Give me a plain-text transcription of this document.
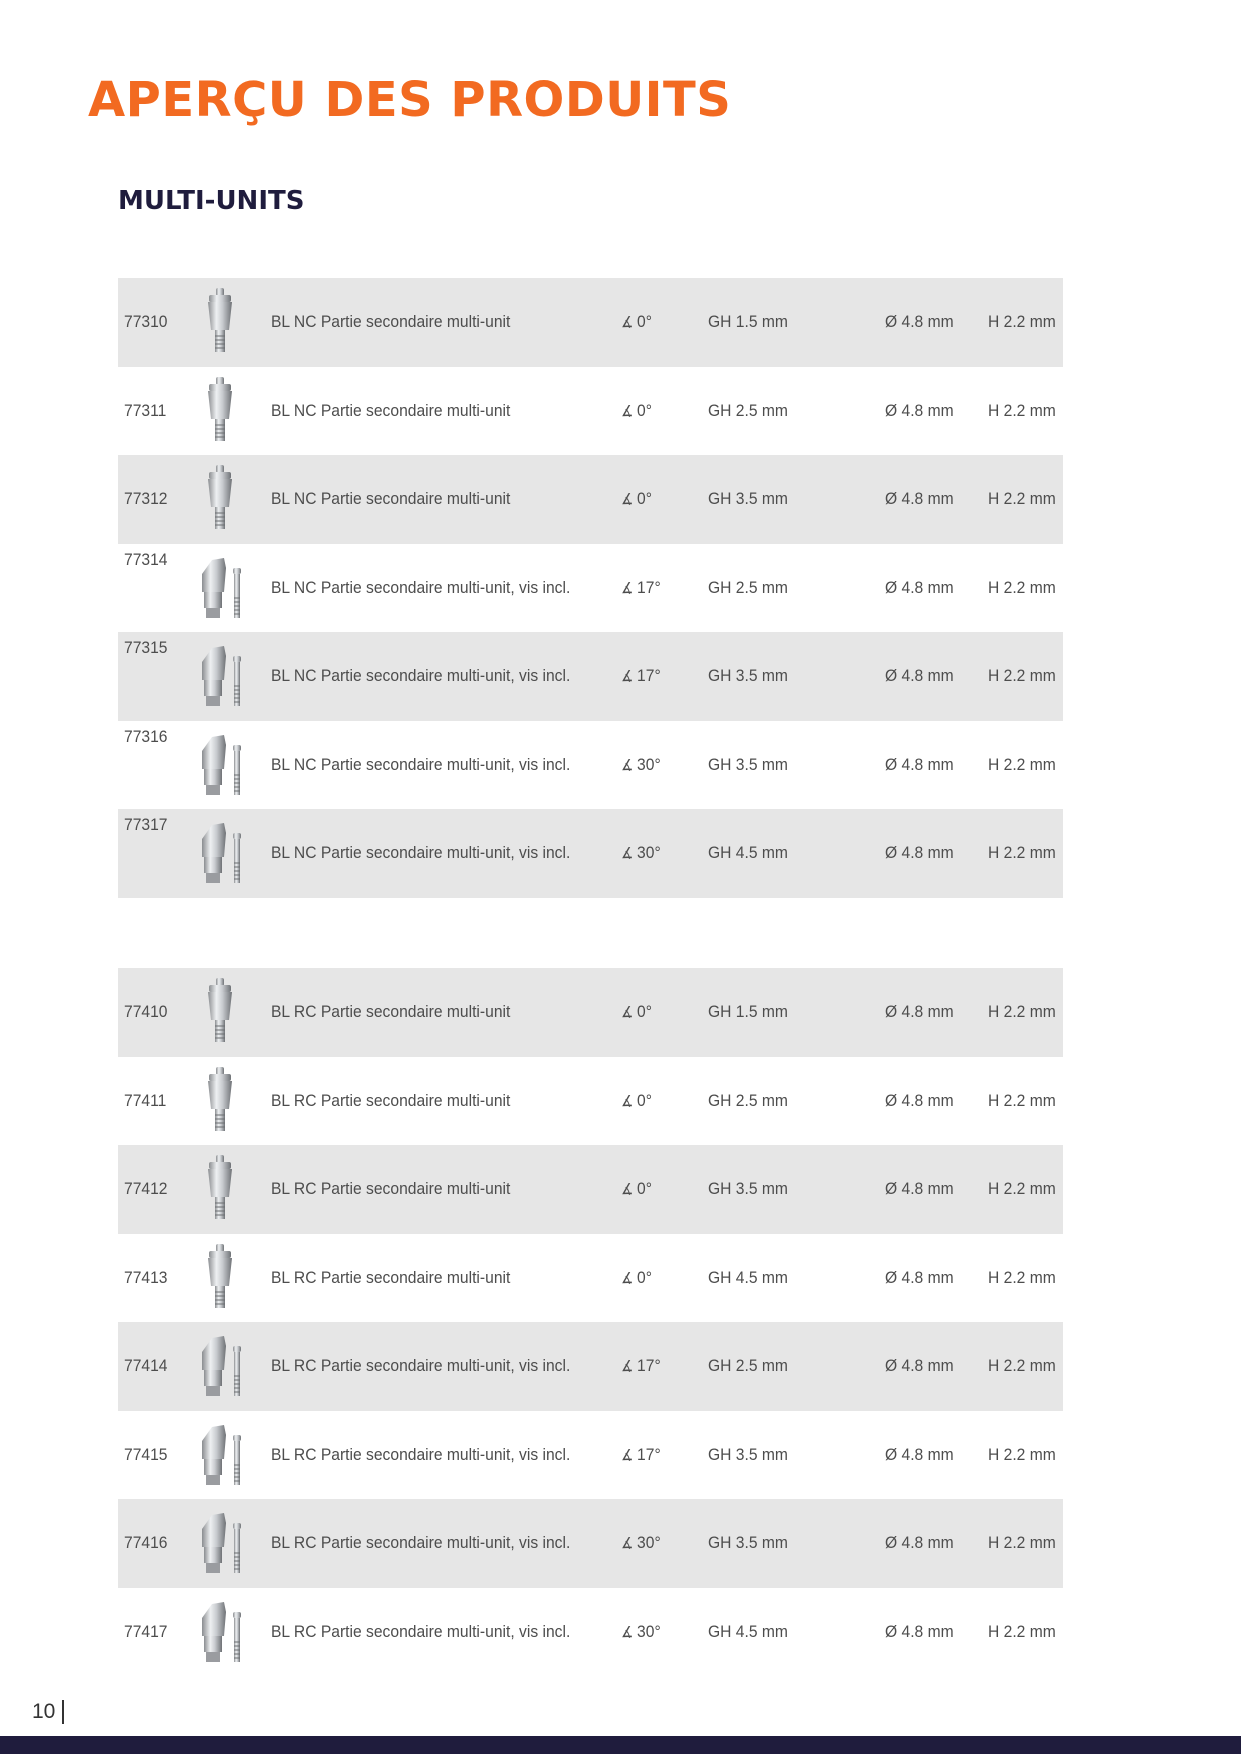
APERÇU DES PRODUITS
MULTI-UNITS
77310	BL NC Partie secondaire multi-unit	∡ 0°	GH 1.5 mm	Ø 4.8 mm H 2.2 mm
77311	BL NC Partie secondaire multi-unit	∡ 0°	GH 2.5 mm	Ø 4.8 mm H 2.2 mm
77312	BL NC Partie secondaire multi-unit	∡ 0°	GH 3.5 mm	Ø 4.8 mm H 2.2 mm
77314
BL NC Partie secondaire multi-unit, vis incl.	∡ 17°	GH 2.5 mm	Ø 4.8 mm H 2.2 mm
77315
BL NC Partie secondaire multi-unit, vis incl.	∡ 17°	GH 3.5 mm	Ø 4.8 mm H 2.2 mm
77316
BL NC Partie secondaire multi-unit, vis incl.	∡ 30°	GH 3.5 mm	Ø 4.8 mm H 2.2 mm
77317
BL NC Partie secondaire multi-unit, vis incl.	∡ 30°	GH 4.5 mm	Ø 4.8 mm H 2.2 mm
77410	BL RC Partie secondaire multi-unit	∡ 0°	GH 1.5 mm	Ø 4.8 mm H 2.2 mm
77411	BL RC Partie secondaire multi-unit	∡ 0°	GH 2.5 mm	Ø 4.8 mm H 2.2 mm
77412	BL RC Partie secondaire multi-unit	∡ 0°	GH 3.5 mm	Ø 4.8 mm H 2.2 mm
77413	BL RC Partie secondaire multi-unit	∡ 0°	GH 4.5 mm	Ø 4.8 mm H 2.2 mm
77414	BL RC Partie secondaire multi-unit, vis incl.	∡ 17°	GH 2.5 mm	Ø 4.8 mm H 2.2 mm
77415	BL RC Partie secondaire multi-unit, vis incl.	∡ 17°	GH 3.5 mm	Ø 4.8 mm H 2.2 mm
77416	BL RC Partie secondaire multi-unit, vis incl.	∡ 30°	GH 3.5 mm	Ø 4.8 mm H 2.2 mm
77417	BL RC Partie secondaire multi-unit, vis incl.	∡ 30°	GH 4.5 mm	Ø 4.8 mm H 2.2 mm
10
